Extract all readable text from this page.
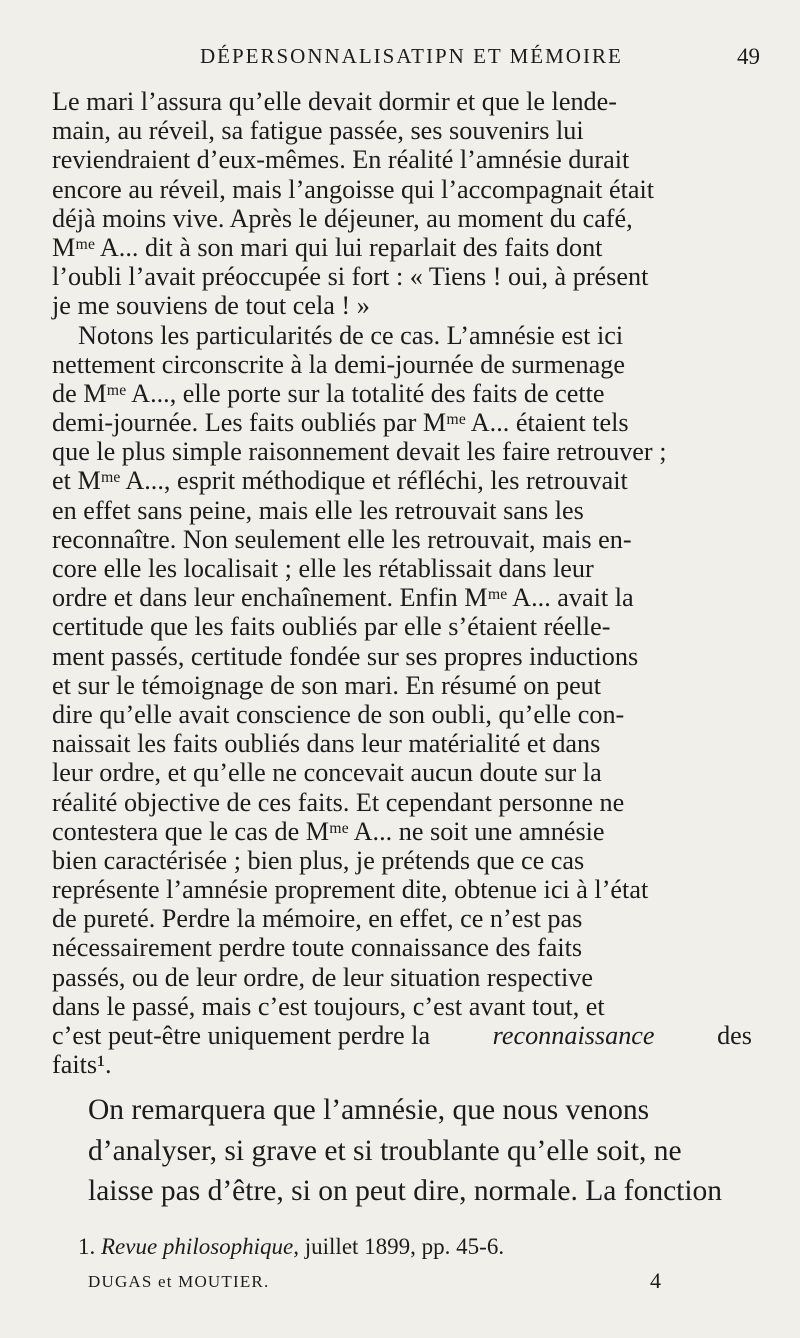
DÉPERSONNALISATIPN ET MÉMOIRE	49
Le mari l’assura qu’elle devait dormir et que le lende-
main, au réveil, sa fatigue passée, ses souvenirs lui
reviendraient d’eux-mêmes. En réalité l’amnésie durait
encore au réveil, mais l’angoisse qui l’accompagnait était
déjà moins vive. Après le déjeuner, au moment du café,
Mᵐᵉ A... dit à son mari qui lui reparlait des faits dont
l’oubli l’avait préoccupée si fort : « Tiens ! oui, à présent
je me souviens de tout cela ! »
Notons les particularités de ce cas. L’amnésie est ici
nettement circonscrite à la demi-journée de surmenage
de Mᵐᵉ A..., elle porte sur la totalité des faits de cette
demi-journée. Les faits oubliés par Mᵐᵉ A... étaient tels
que le plus simple raisonnement devait les faire retrouver ;
et Mᵐᵉ A..., esprit méthodique et réfléchi, les retrouvait
en effet sans peine, mais elle les retrouvait sans les
reconnaître. Non seulement elle les retrouvait, mais en-
core elle les localisait ; elle les rétablissait dans leur
ordre et dans leur enchaînement. Enfin Mᵐᵉ A... avait la
certitude que les faits oubliés par elle s’étaient réelle-
ment passés, certitude fondée sur ses propres inductions
et sur le témoignage de son mari. En résumé on peut
dire qu’elle avait conscience de son oubli, qu’elle con-
naissait les faits oubliés dans leur matérialité et dans
leur ordre, et qu’elle ne concevait aucun doute sur la
réalité objective de ces faits. Et cependant personne ne
contestera que le cas de Mᵐᵉ A... ne soit une amnésie
bien caractérisée ; bien plus, je prétends que ce cas
représente l’amnésie proprement dite, obtenue ici à l’état
de pureté. Perdre la mémoire, en effet, ce n’est pas
nécessairement perdre toute connaissance des faits
passés, ou de leur ordre, de leur situation respective
dans le passé, mais c’est toujours, c’est avant tout, et
c’est peut-être uniquement perdre la reconnaissance des
faits¹.
On remarquera que l’amnésie, que nous venons
d’analyser, si grave et si troublante qu’elle soit, ne
laisse pas d’être, si on peut dire, normale. La fonction
1. Revue philosophique, juillet 1899, pp. 45-6.
DUGAS et MOUTIER.	4
